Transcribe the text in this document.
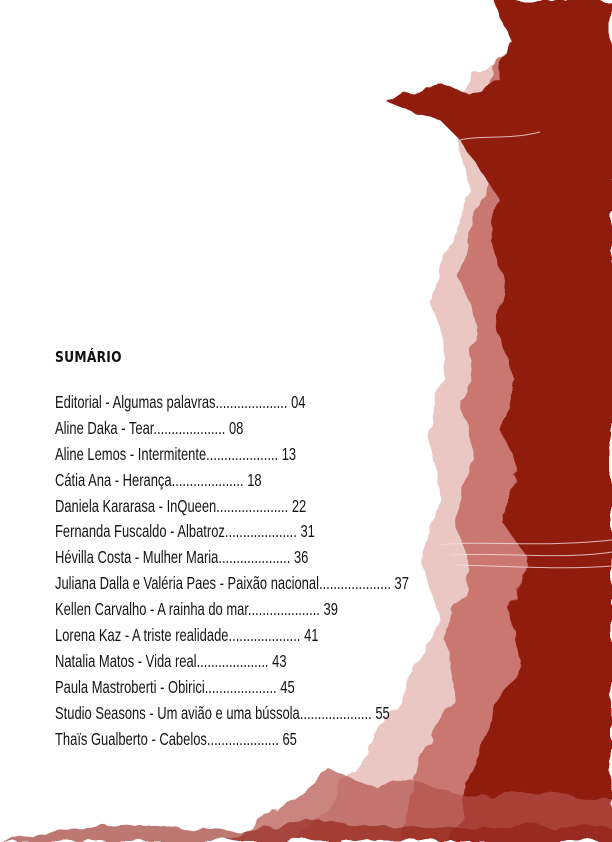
SUMÁRIO
Editorial - Algumas palavras.................... 04
Aline Daka - Tear.................... 08
Aline Lemos - Intermitente.................... 13
Cátia Ana - Herança.................... 18
Daniela Kararasa - InQueen.................... 22
Fernanda Fuscaldo - Albatroz.................... 31
Hévilla Costa - Mulher Maria.................... 36
Juliana Dalla e Valéria Paes - Paixão nacional.................... 37
Kellen Carvalho - A rainha do mar.................... 39
Lorena Kaz - A triste realidade.................... 41
Natalia Matos - Vida real.................... 43
Paula Mastroberti - Obirici.................... 45
Studio Seasons - Um avião e uma bússola.................... 55
Thaïs Gualberto - Cabelos.................... 65
